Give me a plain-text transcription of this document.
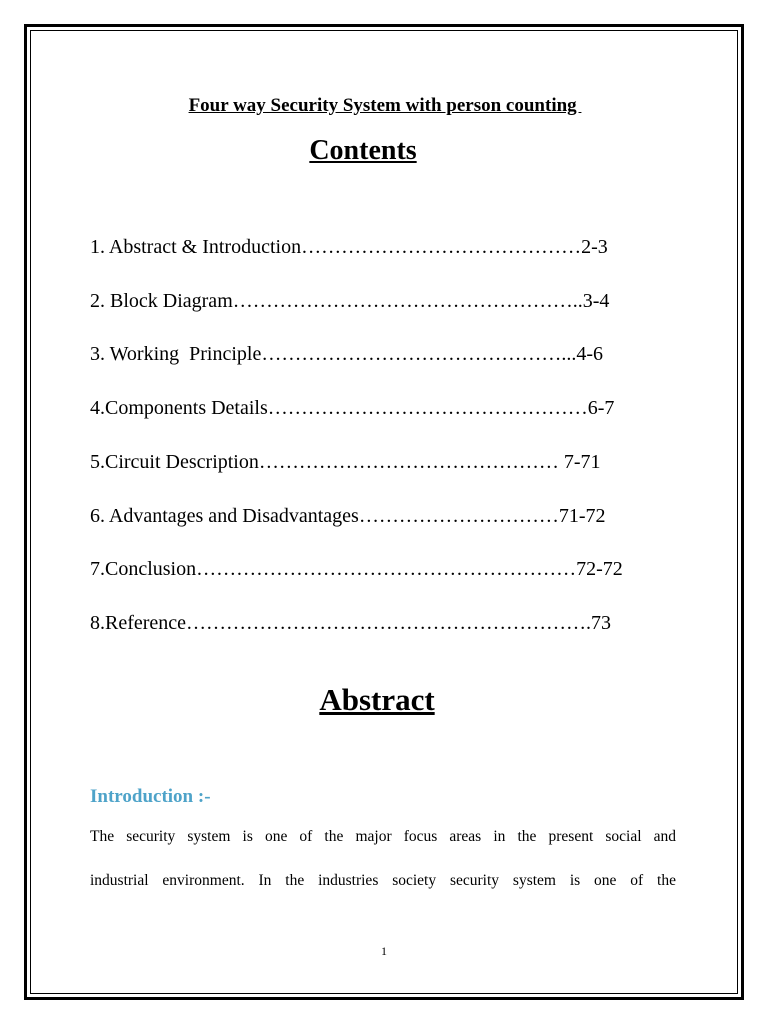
Four way Security System with person counting
Contents
1. Abstract & Introduction……………………………………2-3
2. Block Diagram……………………………………………..3-4
3. Working  Principle………………………………………...4-6
4.Components Details…………………………………………6-7
5.Circuit Description……………………………………… 7-71
6. Advantages and Disadvantages…………………………71-72
7.Conclusion…………………………………………………72-72
8.Reference…………………………………………………….73
Abstract
Introduction :-
The security system is one of the major focus areas in the present social and
industrial environment. In the industries society security system is one of the
1
